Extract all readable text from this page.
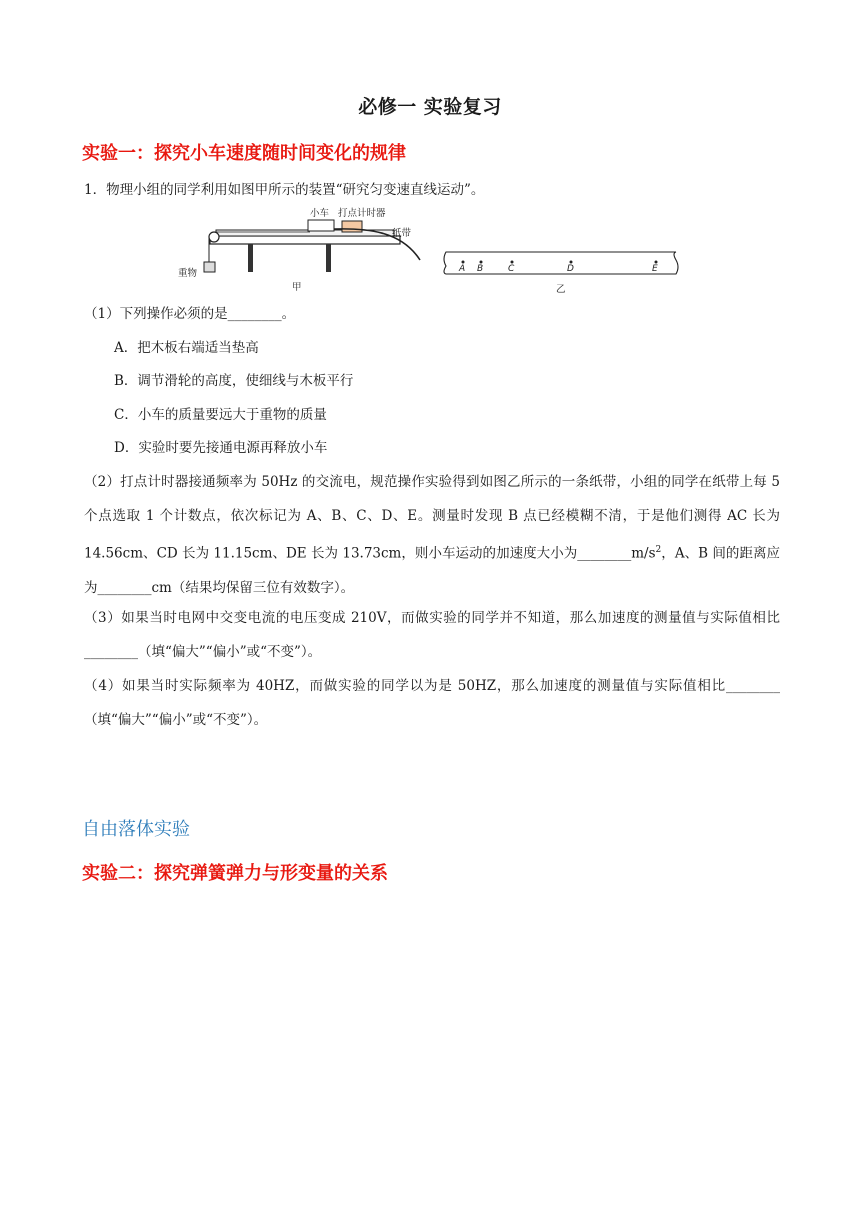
必修一 实验复习
实验一：探究小车速度随时间变化的规律
1．物理小组的同学利用如图甲所示的装置“研究匀变速直线运动”。
小车 打点计时器
纸带
重物
甲
A B	C	D	E
乙
（1）下列操作必须的是________。
A．把木板右端适当垫高
B．调节滑轮的高度，使细线与木板平行
C．小车的质量要远大于重物的质量
D．实验时要先接通电源再释放小车
（2）打点计时器接通频率为 50Hz 的交流电，规范操作实验得到如图乙所示的一条纸带，小组的同学在纸带上每 5 个点选取 1 个计数点，依次标记为 A、B、C、D、E。测量时发现 B 点已经模糊不清，于是他们测得 AC 长为 14.56cm、CD 长为 11.15cm、DE 长为 13.73cm，则小车运动的加速度大小为$\_\_\_\_\_\_\_\_m/s^2$，A、B 间的距离应为________cm（结果均保留三位有效数字）。
（3）如果当时电网中交变电流的电压变成 210V，而做实验的同学并不知道，那么加速度的测量值与实际值相比________（填“偏大”“偏小”或“不变”）。
（4）如果当时实际频率为 40HZ，而做实验的同学以为是 50HZ，那么加速度的测量值与实际值相比________（填“偏大”“偏小”或“不变”）。
自由落体实验
实验二：探究弹簧弹力与形变量的关系
